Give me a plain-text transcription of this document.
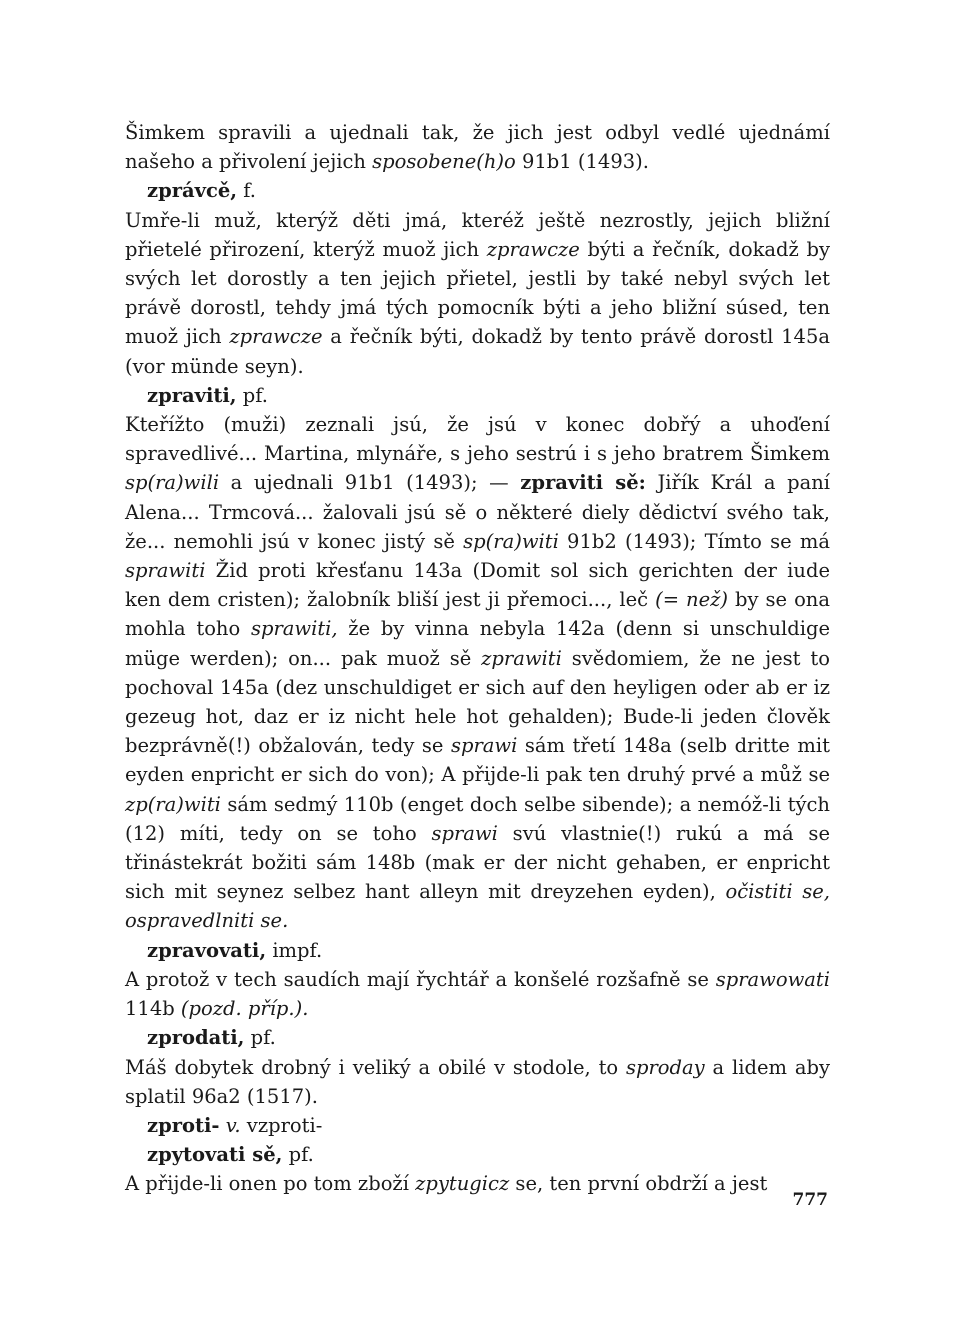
Šimkem spravili a ujednali tak, že jich jest odbyl vedlé ujednámí našeho a přivolení jejich sposobene(h)o 91b1 (1493).

zprávcě, f.

Umře-li muž, kterýž děti jmá, kteréž ještě nezrostly, jejich bližní přietelé přirození, kterýž muož jich zprawcze býti a řečník, dokadž by svých let dorostly a ten jejich přietel, jestli by také nebyl svých let právě dorostl, tehdy jmá tých pomocník býti a jeho bližní súsed, ten muož jich zprawcze a řečník býti, dokadž by tento právě dorostl 145a (vor münde seyn).

zpraviti, pf.

Kteřížto (muži) zeznali jsú, že jsú v konec dobřý a uhoďení spravedlivé... Martina, mlynáře, s jeho sestrú i s jeho bratrem Šimkem sp(ra)wili a ujednali 91b1 (1493); — zpraviti sě: Jiřík Král a paní Alena... Trmcová... žalovali jsú sě o některé diely dědictví svého tak, že... nemohli jsú v konec jistý sě sp(ra)witi 91b2 (1493); Tímto se má sprawiti Žid proti křesťanu 143a (Domit sol sich gerichten der iude ken dem cristen); žalobník bliší jest ji přemoci..., leč (= než) by se ona mohla toho sprawiti, že by vinna nebyla 142a (denn si unschuldige müge werden); on... pak muož sě zprawiti svědomiem, že ne jest to pochoval 145a (dez unschuldiget er sich auf den heyligen oder ab er iz gezeug hot, daz er iz nicht hele hot gehalden); Bude-li jeden člověk bezprávně(!) obžalován, tedy se sprawi sám třetí 148a (selb dritte mit eyden enpricht er sich do von); A přijde-li pak ten druhý prvé a můž se zp(ra)witi sám sedmý 110b (enget doch selbe sibende); a nemóž-li tých (12) míti, tedy on se toho sprawi svú vlastnie(!) rukú a má se třinástekrát božiti sám 148b (mak er der nicht gehaben, er enpricht sich mit seynez selbez hant alleyn mit dreyzehen eyden), očistiti se, ospravedlniti se.

zpravovati, impf.

A protož v tech saudích mají řychtář a konšelé rozšafně se sprawowati 114b (pozd. příp.).

zprodati, pf.

Máš dobytek drobný i veliký a obilé v stodole, to sproday a lidem aby splatil 96a2 (1517).

zproti- v. vzproti-

zpytovati sě, pf.

A přijde-li onen po tom zboží zpytugicz se, ten první obdrží a jest

777
